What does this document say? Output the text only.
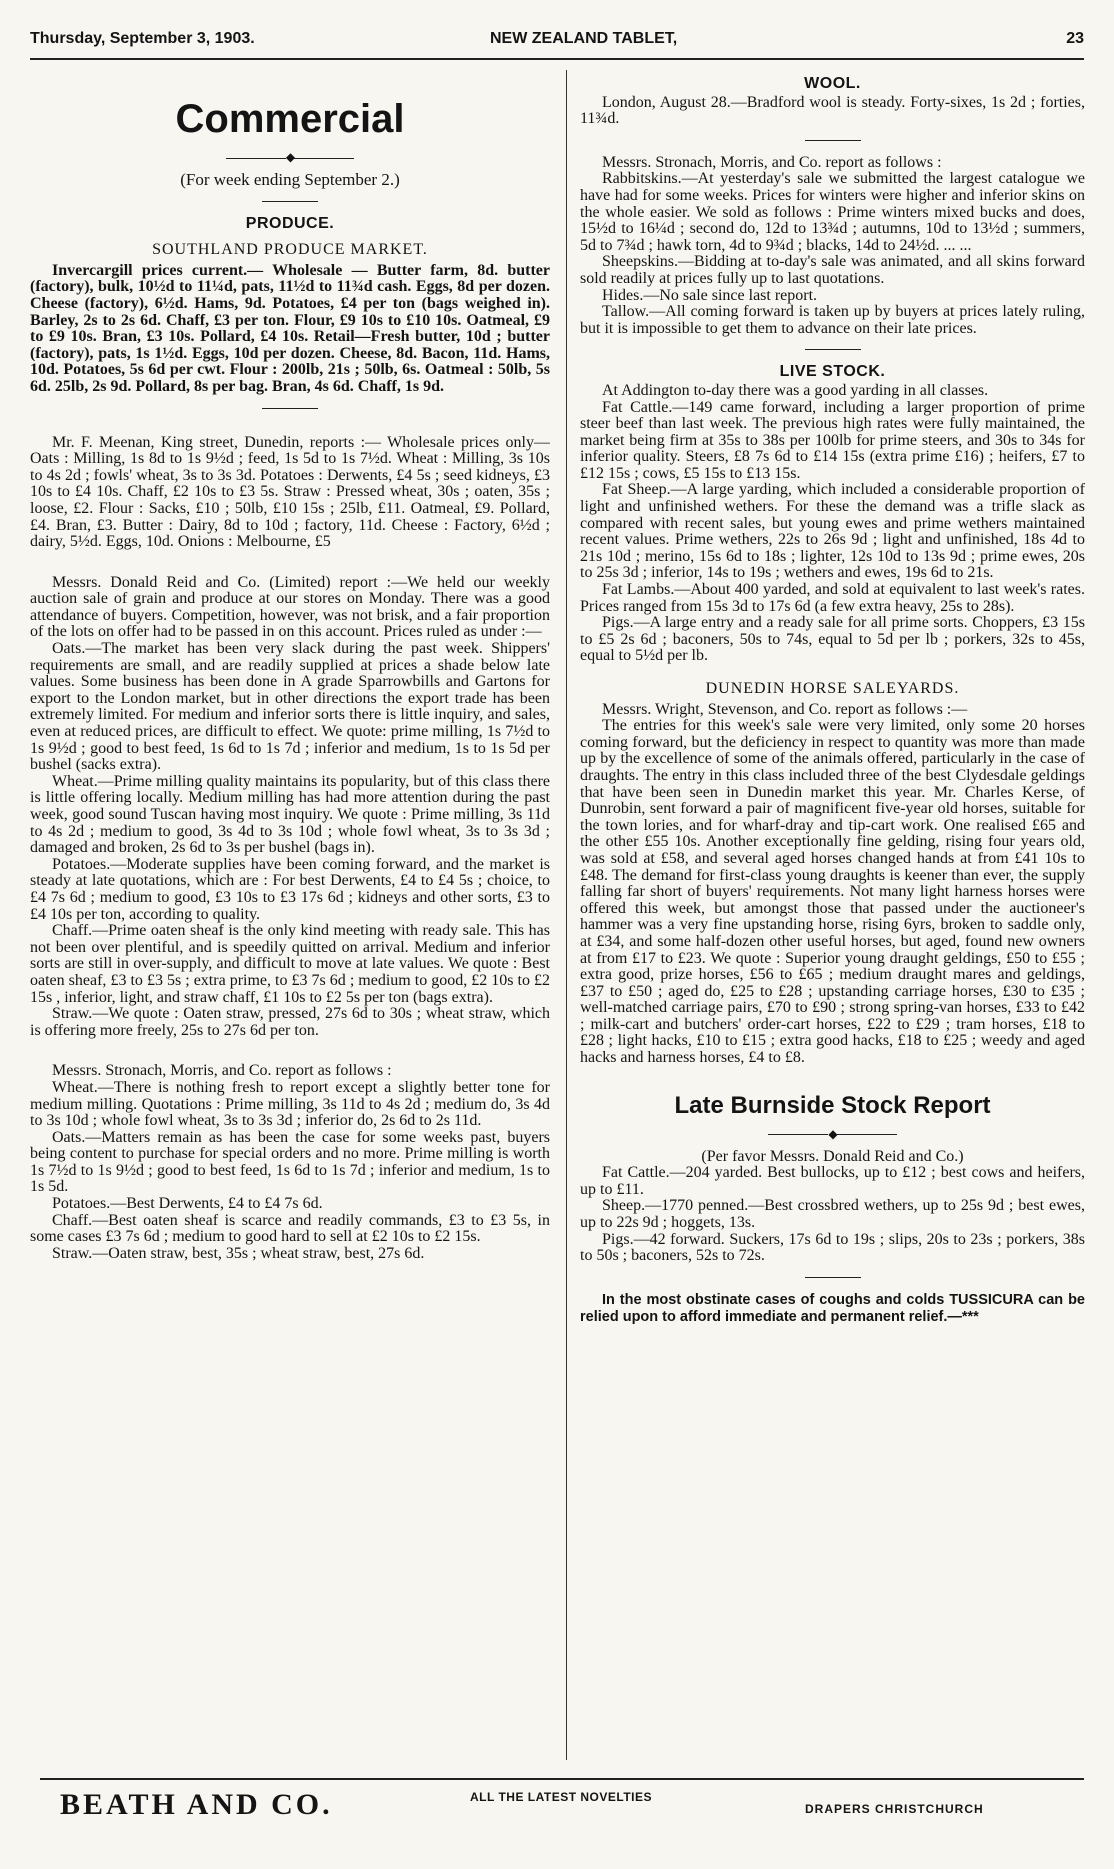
Thursday, September 3, 1903.	NEW ZEALAND TABLET,	23
Commercial
◆

(For week ending September 2.)

PRODUCE.
SOUTHLAND PRODUCE MARKET.

Invercargill prices current.— Wholesale — Butter farm, 8d. butter (factory), bulk, 10½d to 11¼d, pats, 11½d to 11¾d cash. Eggs, 8d per dozen. Cheese (factory), 6½d. Hams, 9d. Potatoes, £4 per ton (bags weighed in). Barley, 2s to 2s 6d. Chaff, £3 per ton. Flour, £9 10s to £10 10s. Oatmeal, £9 to £9 10s. Bran, £3 10s. Pollard, £4 10s. Retail—Fresh butter, 10d ; butter (factory), pats, 1s 1½d. Eggs, 10d per dozen. Cheese, 8d. Bacon, 11d. Hams, 10d. Potatoes, 5s 6d per cwt. Flour : 200lb, 21s ; 50lb, 6s. Oatmeal : 50lb, 5s 6d. 25lb, 2s 9d. Pollard, 8s per bag. Bran, 4s 6d. Chaff, 1s 9d.

Mr. F. Meenan, King street, Dunedin, reports :— Wholesale prices only—Oats : Milling, 1s 8d to 1s 9½d ; feed, 1s 5d to 1s 7½d. Wheat : Milling, 3s 10s to 4s 2d ; fowls' wheat, 3s to 3s 3d. Potatoes : Derwents, £4 5s ; seed kidneys, £3 10s to £4 10s. Chaff, £2 10s to £3 5s. Straw : Pressed wheat, 30s ; oaten, 35s ; loose, £2. Flour : Sacks, £10 ; 50lb, £10 15s ; 25lb, £11. Oatmeal, £9. Pollard, £4. Bran, £3. Butter : Dairy, 8d to 10d ; factory, 11d. Cheese : Factory, 6½d ; dairy, 5½d. Eggs, 10d. Onions : Melbourne, £5

Messrs. Donald Reid and Co. (Limited) report :—We held our weekly auction sale of grain and produce at our stores on Monday. There was a good attendance of buyers. Competition, however, was not brisk, and a fair proportion of the lots on offer had to be passed in on this account. Prices ruled as under :—

Oats.—The market has been very slack during the past week. Shippers' requirements are small, and are readily supplied at prices a shade below late values. Some business has been done in A grade Sparrowbills and Gartons for export to the London market, but in other directions the export trade has been extremely limited. For medium and inferior sorts there is little inquiry, and sales, even at reduced prices, are difficult to effect. We quote: prime milling, 1s 7½d to 1s 9½d ; good to best feed, 1s 6d to 1s 7d ; inferior and medium, 1s to 1s 5d per bushel (sacks extra).

Wheat.—Prime milling quality maintains its popularity, but of this class there is little offering locally. Medium milling has had more attention during the past week, good sound Tuscan having most inquiry. We quote : Prime milling, 3s 11d to 4s 2d ; medium to good, 3s 4d to 3s 10d ; whole fowl wheat, 3s to 3s 3d ; damaged and broken, 2s 6d to 3s per bushel (bags in).

Potatoes.—Moderate supplies have been coming forward, and the market is steady at late quotations, which are : For best Derwents, £4 to £4 5s ; choice, to £4 7s 6d ; medium to good, £3 10s to £3 17s 6d ; kidneys and other sorts, £3 to £4 10s per ton, according to quality.

Chaff.—Prime oaten sheaf is the only kind meeting with ready sale. This has not been over plentiful, and is speedily quitted on arrival. Medium and inferior sorts are still in over-supply, and difficult to move at late values. We quote : Best oaten sheaf, £3 to £3 5s ; extra prime, to £3 7s 6d ; medium to good, £2 10s to £2 15s , inferior, light, and straw chaff, £1 10s to £2 5s per ton (bags extra).

Straw.—We quote : Oaten straw, pressed, 27s 6d to 30s ; wheat straw, which is offering more freely, 25s to 27s 6d per ton.

Messrs. Stronach, Morris, and Co. report as follows :

Wheat.—There is nothing fresh to report except a slightly better tone for medium milling. Quotations : Prime milling, 3s 11d to 4s 2d ; medium do, 3s 4d to 3s 10d ; whole fowl wheat, 3s to 3s 3d ; inferior do, 2s 6d to 2s 11d.

Oats.—Matters remain as has been the case for some weeks past, buyers being content to purchase for special orders and no more. Prime milling is worth 1s 7½d to 1s 9½d ; good to best feed, 1s 6d to 1s 7d ; inferior and medium, 1s to 1s 5d.

Potatoes.—Best Derwents, £4 to £4 7s 6d.

Chaff.—Best oaten sheaf is scarce and readily commands, £3 to £3 5s, in some cases £3 7s 6d ; medium to good hard to sell at £2 10s to £2 15s.

Straw.—Oaten straw, best, 35s ; wheat straw, best, 27s 6d.

WOOL.

London, August 28.—Bradford wool is steady. Forty-sixes, 1s 2d ; forties, 11¾d.

Messrs. Stronach, Morris, and Co. report as follows :

Rabbitskins.—At yesterday's sale we submitted the largest catalogue we have had for some weeks. Prices for winters were higher and inferior skins on the whole easier. We sold as follows : Prime winters mixed bucks and does, 15½d to 16¼d ; second do, 12d to 13¾d ; autumns, 10d to 13½d ; summers, 5d to 7¾d ; hawk torn, 4d to 9¾d ; blacks, 14d to 24½d. ... ...

Sheepskins.—Bidding at to-day's sale was animated, and all skins forward sold readily at prices fully up to last quotations.

Hides.—No sale since last report.

Tallow.—All coming forward is taken up by buyers at prices lately ruling, but it is impossible to get them to advance on their late prices.

LIVE STOCK.

At Addington to-day there was a good yarding in all classes.

Fat Cattle.—149 came forward, including a larger proportion of prime steer beef than last week. The previous high rates were fully maintained, the market being firm at 35s to 38s per 100lb for prime steers, and 30s to 34s for inferior quality. Steers, £8 7s 6d to £14 15s (extra prime £16) ; heifers, £7 to £12 15s ; cows, £5 15s to £13 15s.

Fat Sheep.—A large yarding, which included a considerable proportion of light and unfinished wethers. For these the demand was a trifle slack as compared with recent sales, but young ewes and prime wethers maintained recent values. Prime wethers, 22s to 26s 9d ; light and unfinished, 18s 4d to 21s 10d ; merino, 15s 6d to 18s ; lighter, 12s 10d to 13s 9d ; prime ewes, 20s to 25s 3d ; inferior, 14s to 19s ; wethers and ewes, 19s 6d to 21s.

Fat Lambs.—About 400 yarded, and sold at equivalent to last week's rates. Prices ranged from 15s 3d to 17s 6d (a few extra heavy, 25s to 28s).

Pigs.—A large entry and a ready sale for all prime sorts. Choppers, £3 15s to £5 2s 6d ; baconers, 50s to 74s, equal to 5d per lb ; porkers, 32s to 45s, equal to 5½d per lb.

DUNEDIN HORSE SALEYARDS.

Messrs. Wright, Stevenson, and Co. report as follows :—

The entries for this week's sale were very limited, only some 20 horses coming forward, but the deficiency in respect to quantity was more than made up by the excellence of some of the animals offered, particularly in the case of draughts. The entry in this class included three of the best Clydesdale geldings that have been seen in Dunedin market this year. Mr. Charles Kerse, of Dunrobin, sent forward a pair of magnificent five-year old horses, suitable for the town lories, and for wharf-dray and tip-cart work. One realised £65 and the other £55 10s. Another exceptionally fine gelding, rising four years old, was sold at £58, and several aged horses changed hands at from £41 10s to £48. The demand for first-class young draughts is keener than ever, the supply falling far short of buyers' requirements. Not many light harness horses were offered this week, but amongst those that passed under the auctioneer's hammer was a very fine upstanding horse, rising 6yrs, broken to saddle only, at £34, and some half-dozen other useful horses, but aged, found new owners at from £17 to £23. We quote : Superior young draught geldings, £50 to £55 ; extra good, prize horses, £56 to £65 ; medium draught mares and geldings, £37 to £50 ; aged do, £25 to £28 ; upstanding carriage horses, £30 to £35 ; well-matched carriage pairs, £70 to £90 ; strong spring-van horses, £33 to £42 ; milk-cart and butchers' order-cart horses, £22 to £29 ; tram horses, £18 to £28 ; light hacks, £10 to £15 ; extra good hacks, £18 to £25 ; weedy and aged hacks and harness horses, £4 to £8.

Late Burnside Stock Report
◆

(Per favor Messrs. Donald Reid and Co.)

Fat Cattle.—204 yarded. Best bullocks, up to £12 ; best cows and heifers, up to £11.

Sheep.—1770 penned.—Best crossbred wethers, up to 25s 9d ; best ewes, up to 22s 9d ; hoggets, 13s.

Pigs.—42 forward. Suckers, 17s 6d to 19s ; slips, 20s to 23s ; porkers, 38s to 50s ; baconers, 52s to 72s.

In the most obstinate cases of coughs and colds TUSSICURA can be relied upon to afford immediate and permanent relief.—***

BEATH AND CO.	ALL THE LATEST NOVELTIES
DRAPERS CHRISTCHURCH
